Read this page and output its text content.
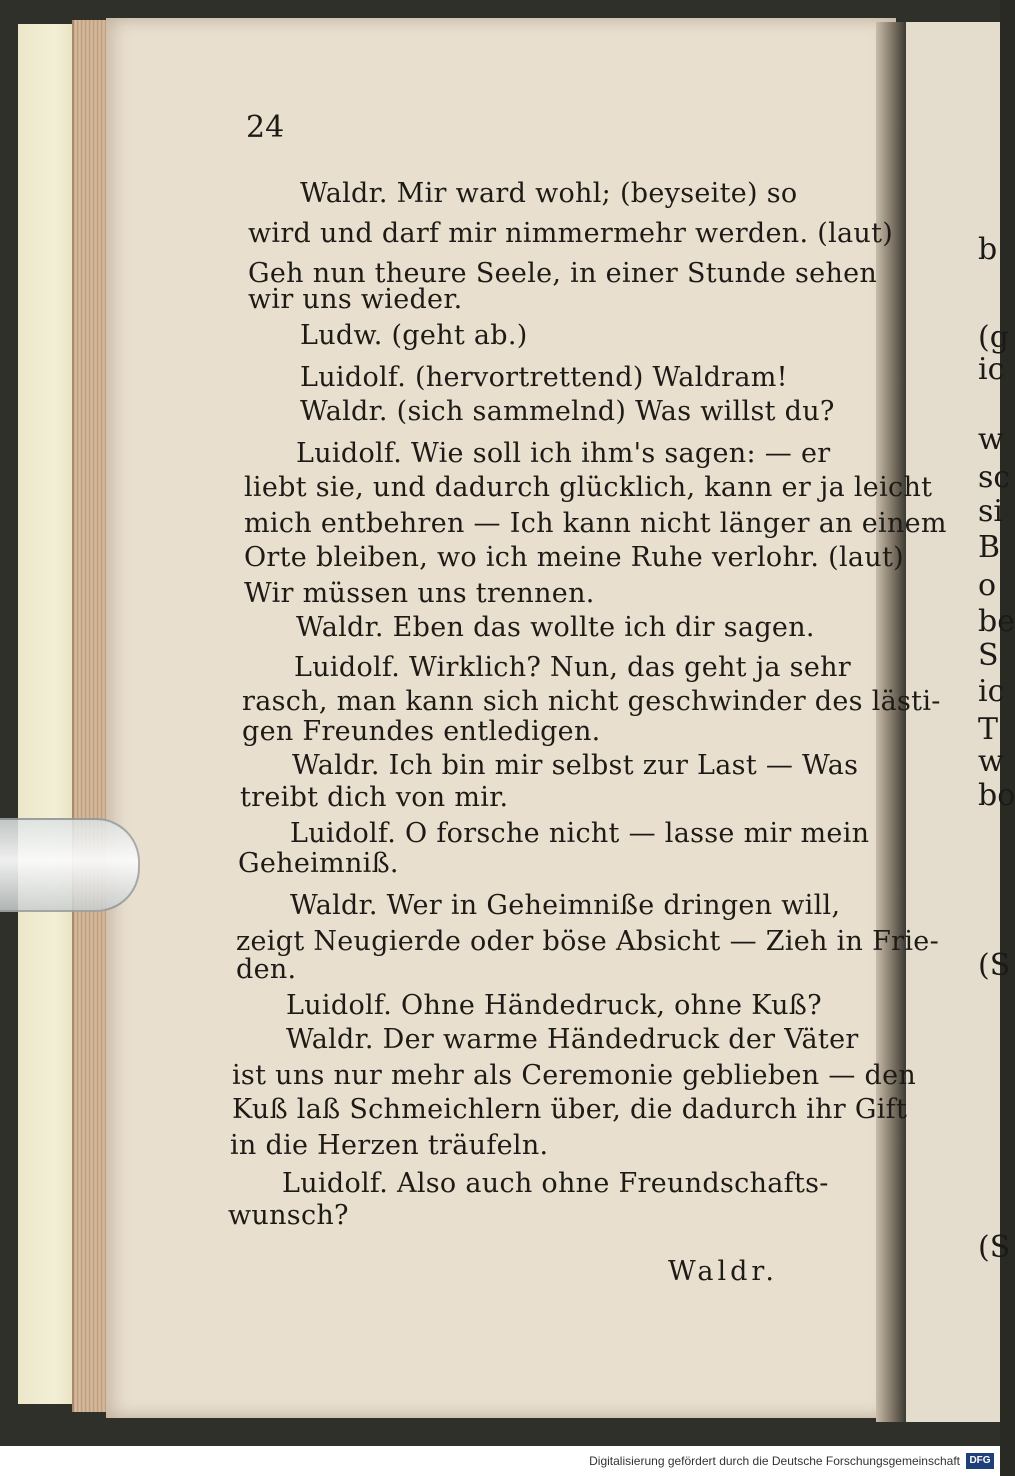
b
(g
ic
w
sc
si
B
o
be
S
ic
T
w
bo
(S
(S
24
Waldr. Mir ward wohl; (beyseite) so
wird und darf mir nimmermehr werden. (laut)
Geh nun theure Seele, in einer Stunde sehen
wir uns wieder.
Ludw. (geht ab.)
Luidolf. (hervortrettend) Waldram!
Waldr. (sich sammelnd) Was willst du?
Luidolf. Wie soll ich ihm's sagen: — er
liebt sie, und dadurch glücklich, kann er ja leicht
mich entbehren — Ich kann nicht länger an einem
Orte bleiben, wo ich meine Ruhe verlohr. (laut)
Wir müssen uns trennen.
Waldr. Eben das wollte ich dir sagen.
Luidolf. Wirklich? Nun, das geht ja sehr
rasch, man kann sich nicht geschwinder des lästi-
gen Freundes entledigen.
Waldr. Ich bin mir selbst zur Last — Was
treibt dich von mir.
Luidolf. O forsche nicht — lasse mir mein
Geheimniß.
Waldr. Wer in Geheimniße dringen will,
zeigt Neugierde oder böse Absicht — Zieh in Frie-
den.
Luidolf. Ohne Händedruck, ohne Kuß?
Waldr. Der warme Händedruck der Väter
ist uns nur mehr als Ceremonie geblieben — den
Kuß laß Schmeichlern über, die dadurch ihr Gift
in die Herzen träufeln.
Luidolf. Also auch ohne Freundschafts-
wunsch?
Waldr.
Digitalisierung gefördert durch die Deutsche Forschungsgemeinschaft DFG
